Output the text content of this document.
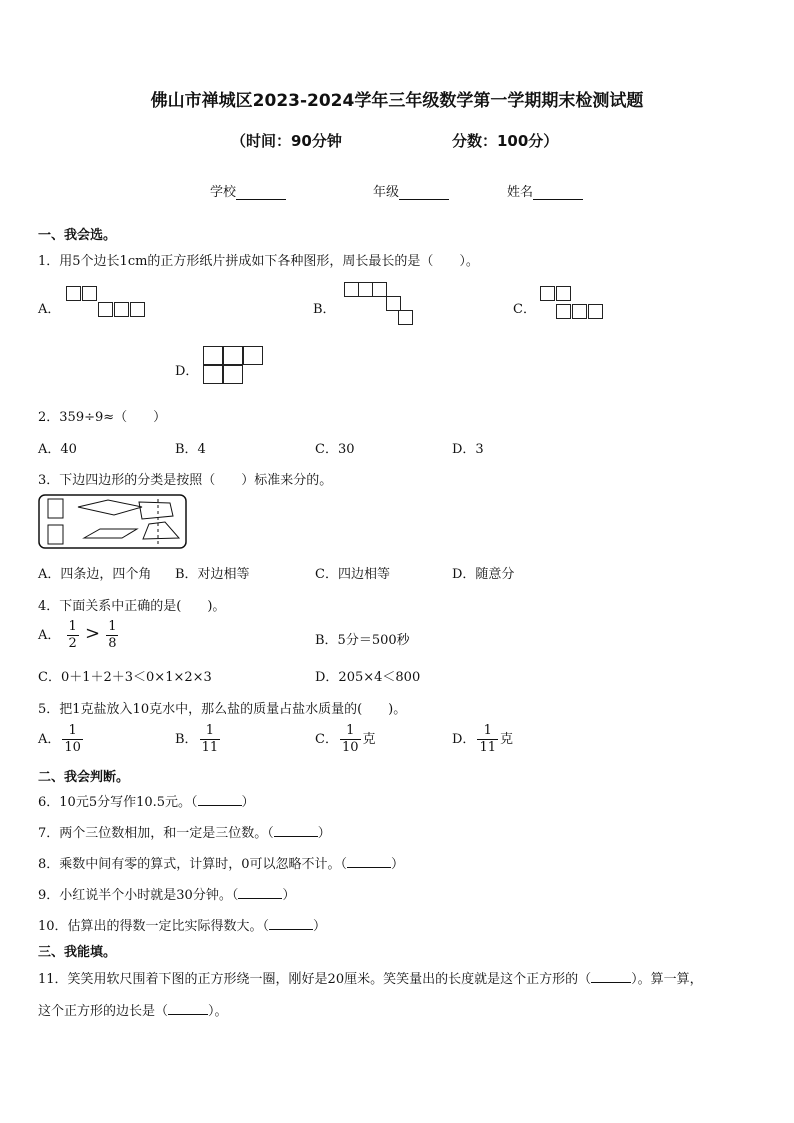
佛山市禅城区2023-2024学年三年级数学第一学期期末检测试题
（时间：90分钟	分数：100分）
学校	年级	姓名
一、我会选。
1．用5个边长1cm的正方形纸片拼成如下各种图形，周长最长的是（　　）。
A．	B．	C．
D．
2．359÷9≈（　　）
A．40	B．4	C．30	D．3
3．下边四边形的分类是按照（　　）标准来分的。
A．四条边，四个角 B．对边相等	C．四边相等	D．随意分
4．下面关系中正确的是(　　)。
A． $\frac{1}{2} > \frac{1}{8}$	B．5分＝500秒
C．0＋1＋2＋3＜0×1×2×3	D．205×4＜800
5．把1克盐放入10克水中，那么盐的质量占盐水质量的(　　)。
A． $\frac{1}{10}$	B． $\frac{1}{11}$	C． $\frac{1}{10}$ 克	D． $\frac{1}{11}$ 克
二、我会判断。
6．10元5分写作10.5元。（	）
7．两个三位数相加，和一定是三位数。（	）
8．乘数中间有零的算式，计算时，0可以忽略不计。（	）
9．小红说半个小时就是30分钟。（	）
10．估算出的得数一定比实际得数大。（	）
三、我能填。
11．笑笑用软尺围着下图的正方形绕一圈，刚好是20厘米。笑笑量出的长度就是这个正方形的（	）。算一算，
这个正方形的边长是（	）。
